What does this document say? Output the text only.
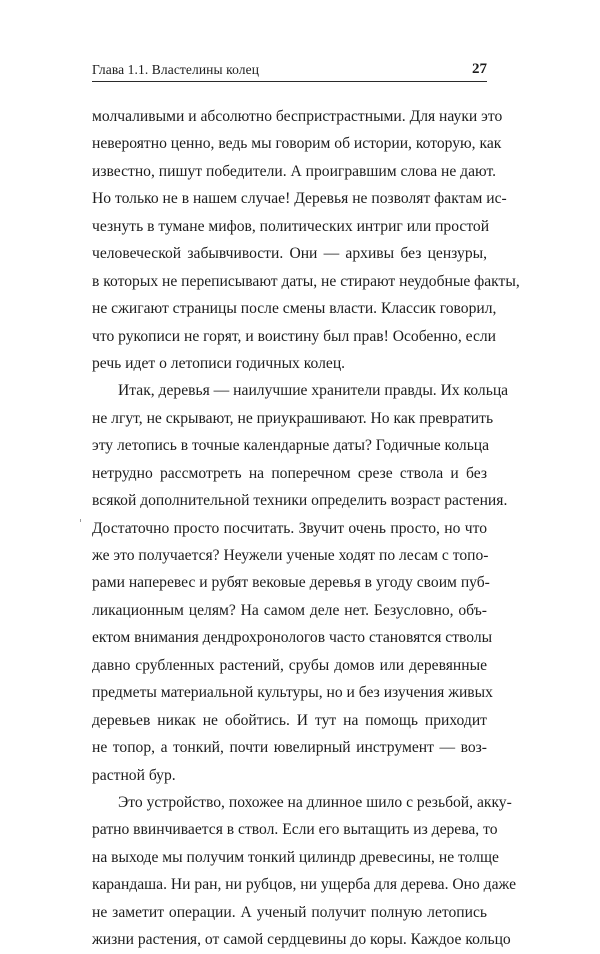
Глава 1.1. Властелины колец	27
молчаливыми и абсолютно беспристрастными. Для науки это
невероятно ценно, ведь мы говорим об истории, которую, как
известно, пишут победители. А проигравшим слова не дают.
Но только не в нашем случае! Деревья не позволят фактам ис-
чезнуть в тумане мифов, политических интриг или простой
человеческой забывчивости. Они — архивы без цензуры,
в которых не переписывают даты, не стирают неудобные факты,
не сжигают страницы после смены власти. Классик говорил,
что рукописи не горят, и воистину был прав! Особенно, если
речь идет о летописи годичных колец.
Итак, деревья — наилучшие хранители правды. Их кольца
не лгут, не скрывают, не приукрашивают. Но как превратить
эту летопись в точные календарные даты? Годичные кольца
нетрудно рассмотреть на поперечном срезе ствола и без
всякой дополнительной техники определить возраст растения.
Достаточно просто посчитать. Звучит очень просто, но что
же это получается? Неужели ученые ходят по лесам с топо-
рами наперевес и рубят вековые деревья в угоду своим пуб-
ликационным целям? На самом деле нет. Безусловно, объ-
ектом внимания дендрохронологов часто становятся стволы
давно срубленных растений, срубы домов или деревянные
предметы материальной культуры, но и без изучения живых
деревьев никак не обойтись. И тут на помощь приходит
не топор, а тонкий, почти ювелирный инструмент — воз-
растной бур.
Это устройство, похожее на длинное шило с резьбой, акку-
ратно ввинчивается в ствол. Если его вытащить из дерева, то
на выходе мы получим тонкий цилиндр древесины, не толще
карандаша. Ни ран, ни рубцов, ни ущерба для дерева. Оно даже
не заметит операции. А ученый получит полную летопись
жизни растения, от самой сердцевины до коры. Каждое кольцо
